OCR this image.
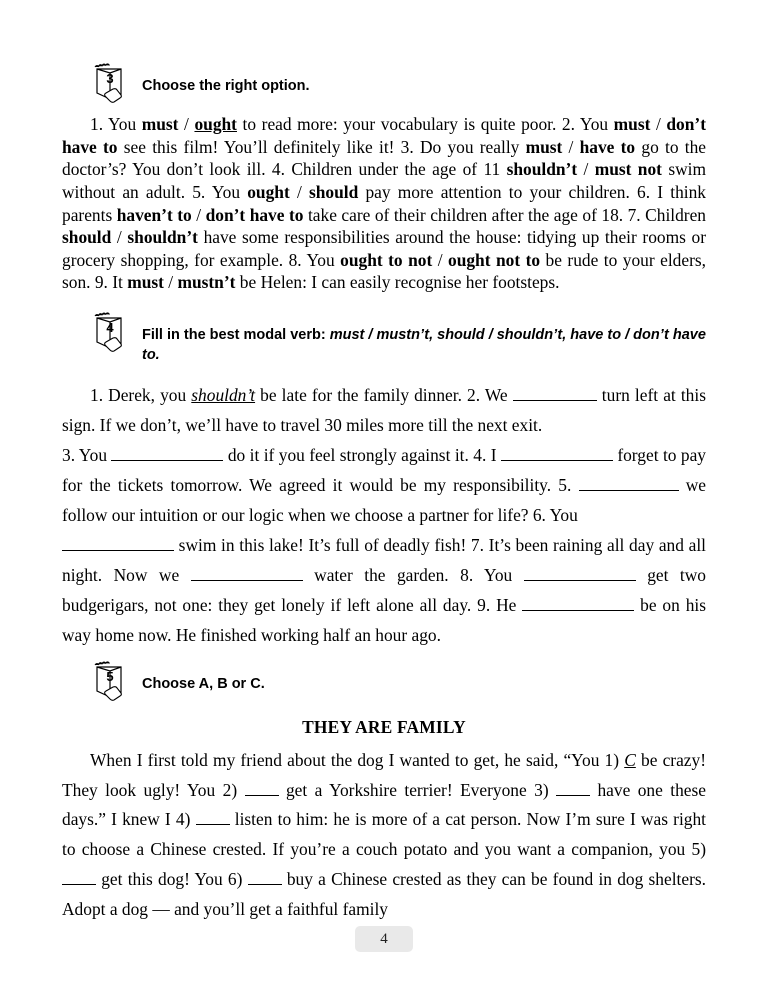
3 Choose the right option.

1. You must / ought to read more: your vocabulary is quite poor. 2. You must / don’t have to see this film! You’ll definitely like it! 3. Do you really must / have to go to the doctor’s? You don’t look ill. 4. Children under the age of 11 shouldn’t / must not swim without an adult. 5. You ought / should pay more attention to your children. 6. I think parents haven’t to / don’t have to take care of their children after the age of 18. 7. Children should / shouldn’t have some responsibilities around the house: tidying up their rooms or grocery shopping, for example. 8. You ought to not / ought not to be rude to your elders, son. 9. It must / mustn’t be Helen: I can easily recognise her footsteps.

4 Fill in the best modal verb: must / mustn’t, should / shouldn’t, have to / don’t have to.

1. Derek, you shouldn’t be late for the family dinner. 2. We	turn left at this sign. If we don’t, we’ll have to travel 30 miles more till the next exit.

3. You	do it if you feel strongly against it. 4. I	forget to pay for the tickets tomorrow. We agreed it would be my responsibility. 5.	we follow our intuition or our logic when we choose a partner for life? 6. You

swim in this lake! It’s full of deadly fish! 7. It’s been raining all day and all night. Now we	water the garden. 8. You	get two budgerigars, not one: they get lonely if left alone all day. 9. He	be on his way home now. He finished working half an hour ago.

5 Choose A, B or C.
THEY ARE FAMILY

When I first told my friend about the dog I wanted to get, he said, “You 1) C be crazy! They look ugly! You 2)  get a Yorkshire terrier! Everyone 3)  have one these days.” I knew I 4)  listen to him: he is more of a cat person. Now I’m sure I was right to choose a Chinese crested. If you’re a couch potato and you want a companion, you 5)  get this dog! You 6)  buy a Chinese crested as they can be found in dog shelters. Adopt a dog — and you’ll get a faithful family

4
